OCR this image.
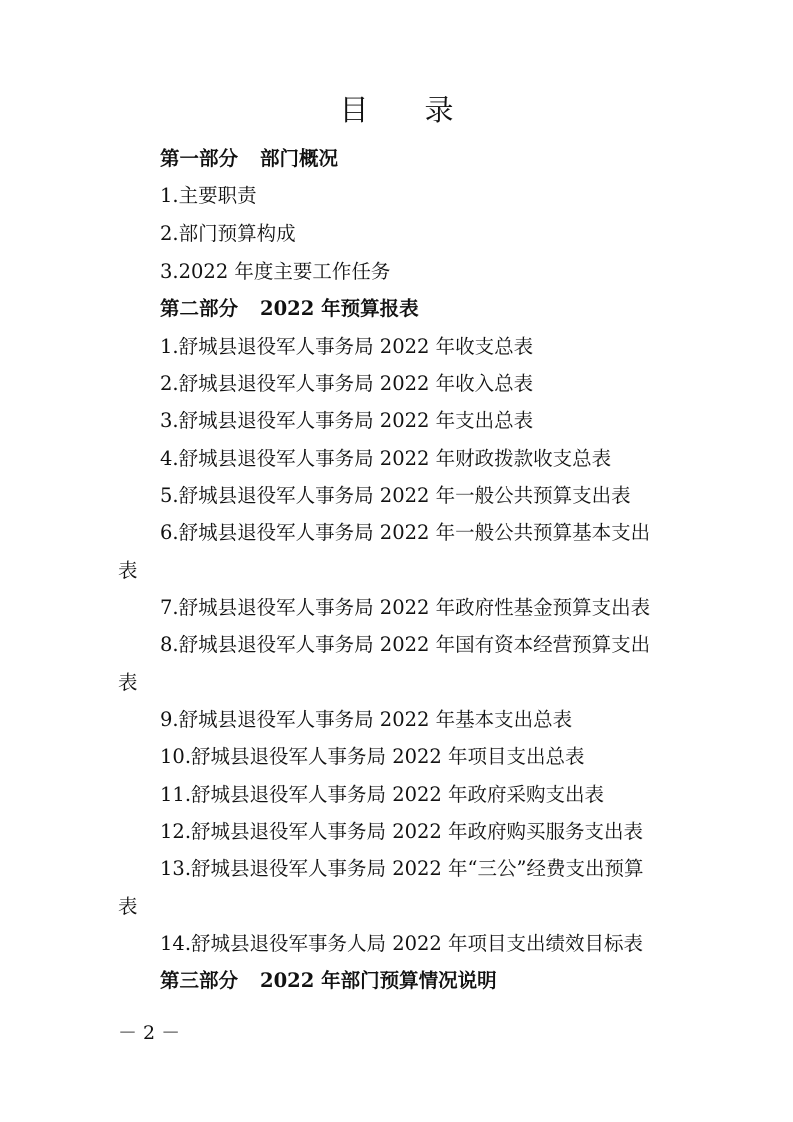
目 录
第一部分 部门概况
1.主要职责
2.部门预算构成
3.2022 年度主要工作任务
第二部分 2022 年预算报表
1.舒城县退役军人事务局 2022 年收支总表
2.舒城县退役军人事务局 2022 年收入总表
3.舒城县退役军人事务局 2022 年支出总表
4.舒城县退役军人事务局 2022 年财政拨款收支总表
5.舒城县退役军人事务局 2022 年一般公共预算支出表
6.舒城县退役军人事务局 2022 年一般公共预算基本支出
表
7.舒城县退役军人事务局 2022 年政府性基金预算支出表
8.舒城县退役军人事务局 2022 年国有资本经营预算支出
表
9.舒城县退役军人事务局 2022 年基本支出总表
10.舒城县退役军人事务局 2022 年项目支出总表
11.舒城县退役军人事务局 2022 年政府采购支出表
12.舒城县退役军人事务局 2022 年政府购买服务支出表
13.舒城县退役军人事务局 2022 年“三公”经费支出预算
表
14.舒城县退役军事务人局 2022 年项目支出绩效目标表
第三部分 2022 年部门预算情况说明
－ 2 －
